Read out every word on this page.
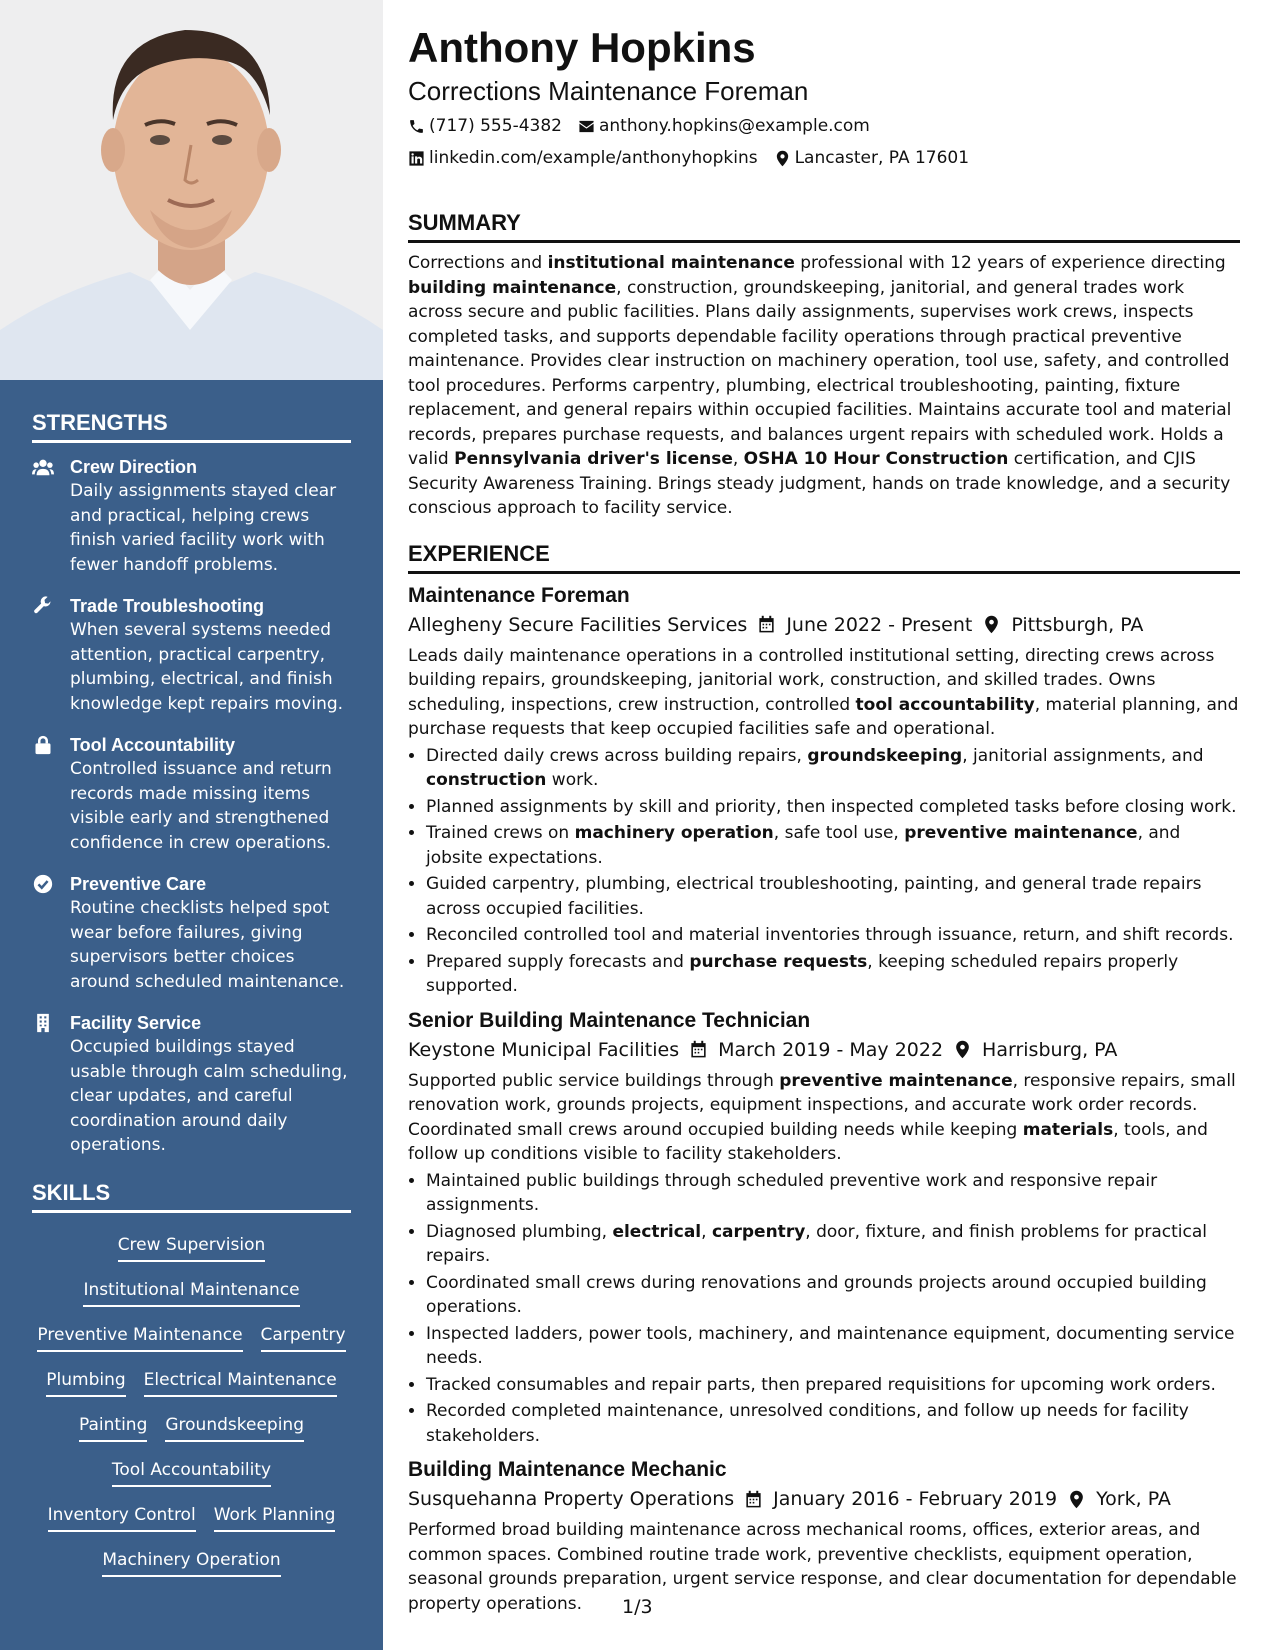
STRENGTHS
Crew Direction
Daily assignments stayed clear and practical, helping crews finish varied facility work with fewer handoff problems.
Trade Troubleshooting
When several systems needed attention, practical carpentry, plumbing, electrical, and finish knowledge kept repairs moving.
Tool Accountability
Controlled issuance and return records made missing items visible early and strengthened confidence in crew operations.
Preventive Care
Routine checklists helped spot wear before failures, giving supervisors better choices around scheduled maintenance.
Facility Service
Occupied buildings stayed usable through calm scheduling, clear updates, and careful coordination around daily operations.
SKILLS
Crew Supervision
Institutional Maintenance
Preventive Maintenance Carpentry
Plumbing Electrical Maintenance
Painting Groundskeeping
Tool Accountability
Inventory Control Work Planning
Machinery Operation
Anthony Hopkins
Corrections Maintenance Foreman
(717) 555-4382 anthony.hopkins@example.com
linkedin.com/example/anthonyhopkins Lancaster, PA 17601
SUMMARY
Corrections and institutional maintenance professional with 12 years of experience directing building maintenance, construction, groundskeeping, janitorial, and general trades work across secure and public facilities. Plans daily assignments, supervises work crews, inspects completed tasks, and supports dependable facility operations through practical preventive maintenance. Provides clear instruction on machinery operation, tool use, safety, and controlled tool procedures. Performs carpentry, plumbing, electrical troubleshooting, painting, fixture replacement, and general repairs within occupied facilities. Maintains accurate tool and material records, prepares purchase requests, and balances urgent repairs with scheduled work. Holds a valid Pennsylvania driver's license, OSHA 10 Hour Construction certification, and CJIS Security Awareness Training. Brings steady judgment, hands on trade knowledge, and a security conscious approach to facility service.
EXPERIENCE
Maintenance Foreman
Allegheny Secure Facilities Services June 2022 - Present Pittsburgh, PA
Leads daily maintenance operations in a controlled institutional setting, directing crews across building repairs, groundskeeping, janitorial work, construction, and skilled trades. Owns scheduling, inspections, crew instruction, controlled tool accountability, material planning, and purchase requests that keep occupied facilities safe and operational.
• Directed daily crews across building repairs, groundskeeping, janitorial assignments, and construction work.
• Planned assignments by skill and priority, then inspected completed tasks before closing work.
• Trained crews on machinery operation, safe tool use, preventive maintenance, and jobsite expectations.
• Guided carpentry, plumbing, electrical troubleshooting, painting, and general trade repairs across occupied facilities.
• Reconciled controlled tool and material inventories through issuance, return, and shift records.
• Prepared supply forecasts and purchase requests, keeping scheduled repairs properly supported.
Senior Building Maintenance Technician
Keystone Municipal Facilities March 2019 - May 2022 Harrisburg, PA
Supported public service buildings through preventive maintenance, responsive repairs, small renovation work, grounds projects, equipment inspections, and accurate work order records. Coordinated small crews around occupied building needs while keeping materials, tools, and follow up conditions visible to facility stakeholders.
• Maintained public buildings through scheduled preventive work and responsive repair assignments.
• Diagnosed plumbing, electrical, carpentry, door, fixture, and finish problems for practical repairs.
• Coordinated small crews during renovations and grounds projects around occupied building operations.
• Inspected ladders, power tools, machinery, and maintenance equipment, documenting service needs.
• Tracked consumables and repair parts, then prepared requisitions for upcoming work orders.
• Recorded completed maintenance, unresolved conditions, and follow up needs for facility stakeholders.
Building Maintenance Mechanic
Susquehanna Property Operations January 2016 - February 2019 York, PA
Performed broad building maintenance across mechanical rooms, offices, exterior areas, and common spaces. Combined routine trade work, preventive checklists, equipment operation, seasonal grounds preparation, urgent service response, and clear documentation for dependable property operations.	1/3
